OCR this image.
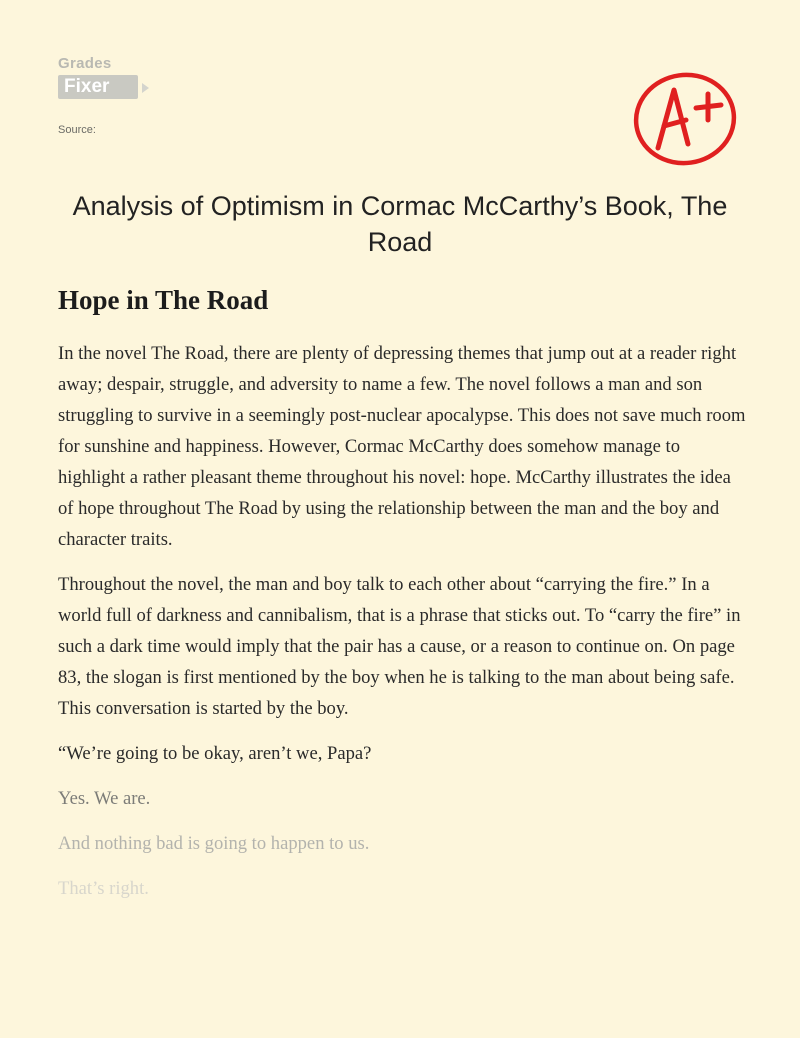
Grades
Fixer
Source:
Analysis of Optimism in Cormac McCarthy’s Book, The Road
Hope in The Road

In the novel The Road, there are plenty of depressing themes that jump out at a reader right away; despair, struggle, and adversity to name a few. The novel follows a man and son struggling to survive in a seemingly post-nuclear apocalypse. This does not save much room for sunshine and happiness. However, Cormac McCarthy does somehow manage to highlight a rather pleasant theme throughout his novel: hope. McCarthy illustrates the idea of hope throughout The Road by using the relationship between the man and the boy and character traits.

Throughout the novel, the man and boy talk to each other about “carrying the fire.” In a world full of darkness and cannibalism, that is a phrase that sticks out. To “carry the fire” in such a dark time would imply that the pair has a cause, or a reason to continue on. On page 83, the slogan is first mentioned by the boy when he is talking to the man about being safe. This conversation is started by the boy.

“We’re going to be okay, aren’t we, Papa?

Yes. We are.

And nothing bad is going to happen to us.

That’s right.
